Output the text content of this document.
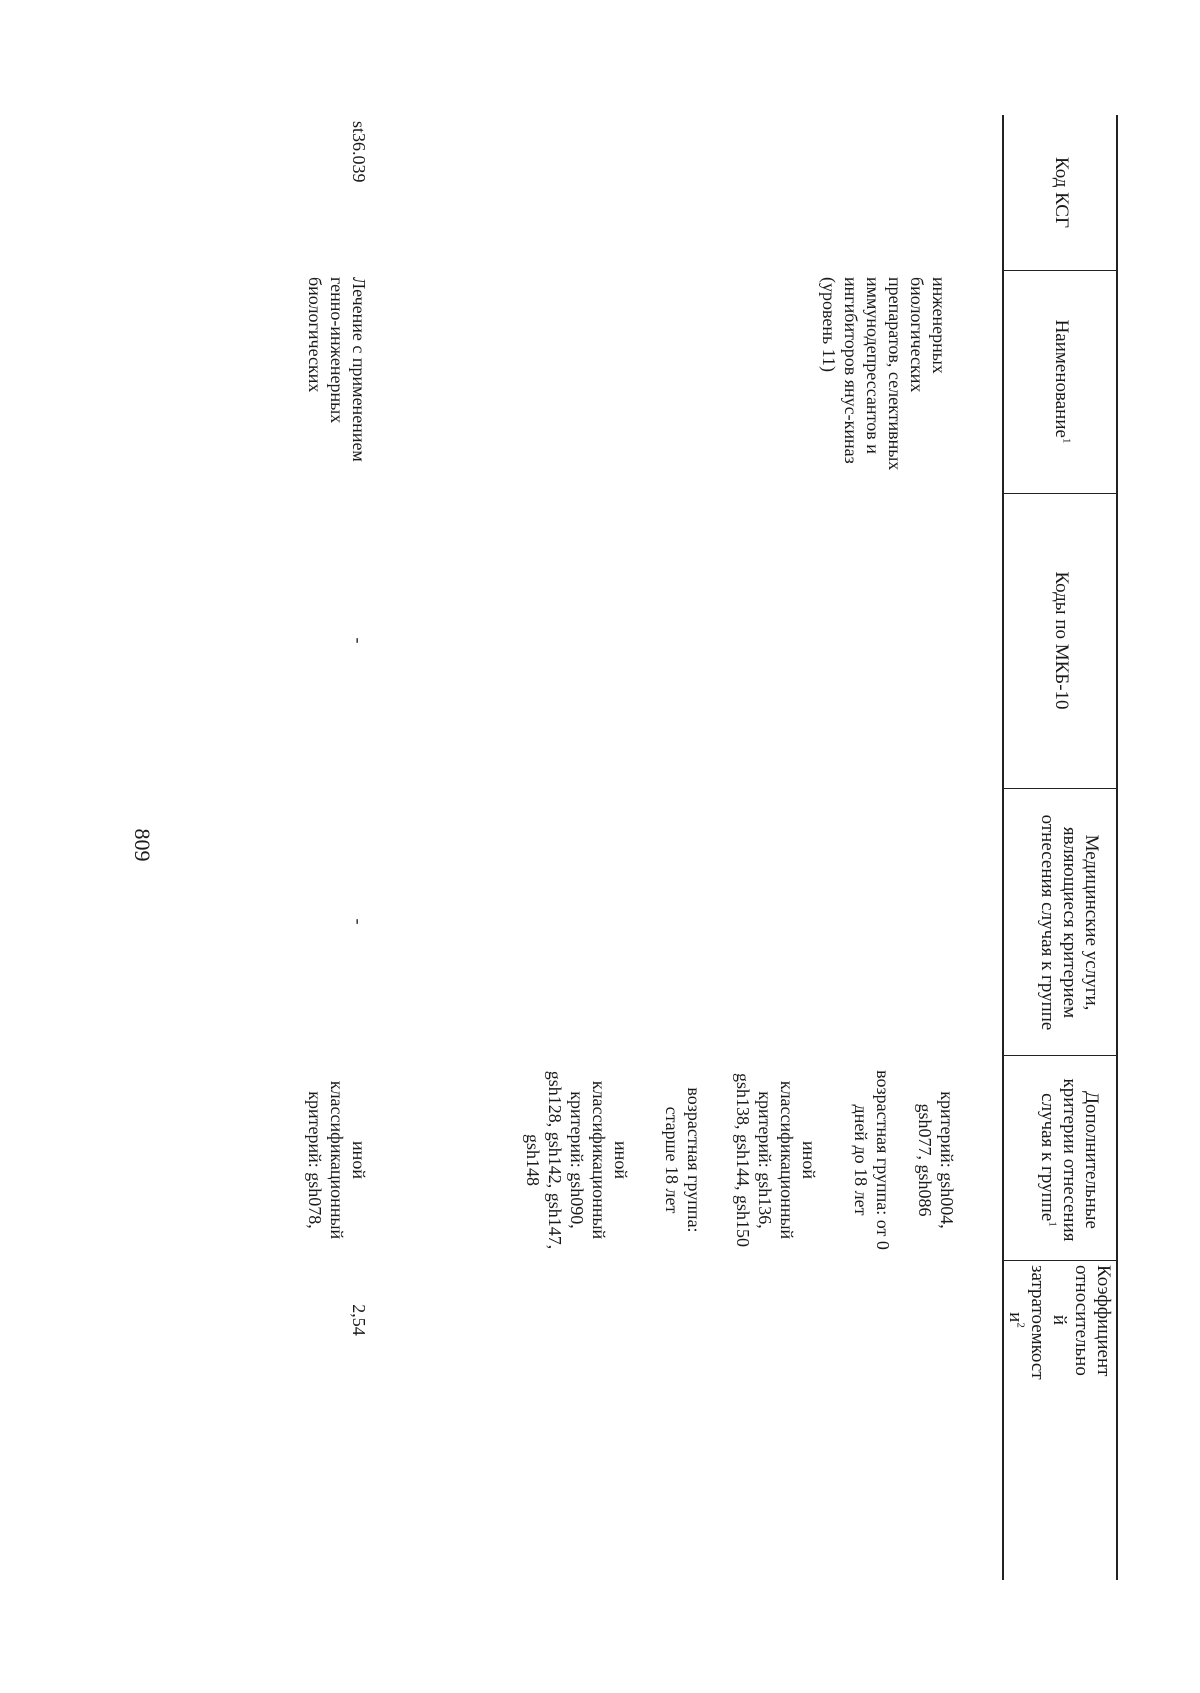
809
Код КСГ
Наименование$^1$
Коды по МКБ-10
Медицинские услуги, являющиеся критерием отнесения случая к группе
Дополнительные критерии отнесения случая к группе$^1$
Коэффициент относительно й затратоемкост $и^2$
инженерных биологических препаратов, селективных иммунодепрессантов и ингибиторов янус-киназ (уровень 11)
критерий: gsh004, gsh077, gsh086
возрастная группа: от 0 дней до 18 лет
иной классификационный критерий: gsh136, gsh138, gsh144, gsh150
возрастная группа: старше 18 лет
иной классификационный критерий: gsh090, gsh128, gsh142, gsh147, gsh148
st36.039
Лечение с применением генно-инженерных биологических
-
-
иной классификационный критерий: gsh078,
2,54
